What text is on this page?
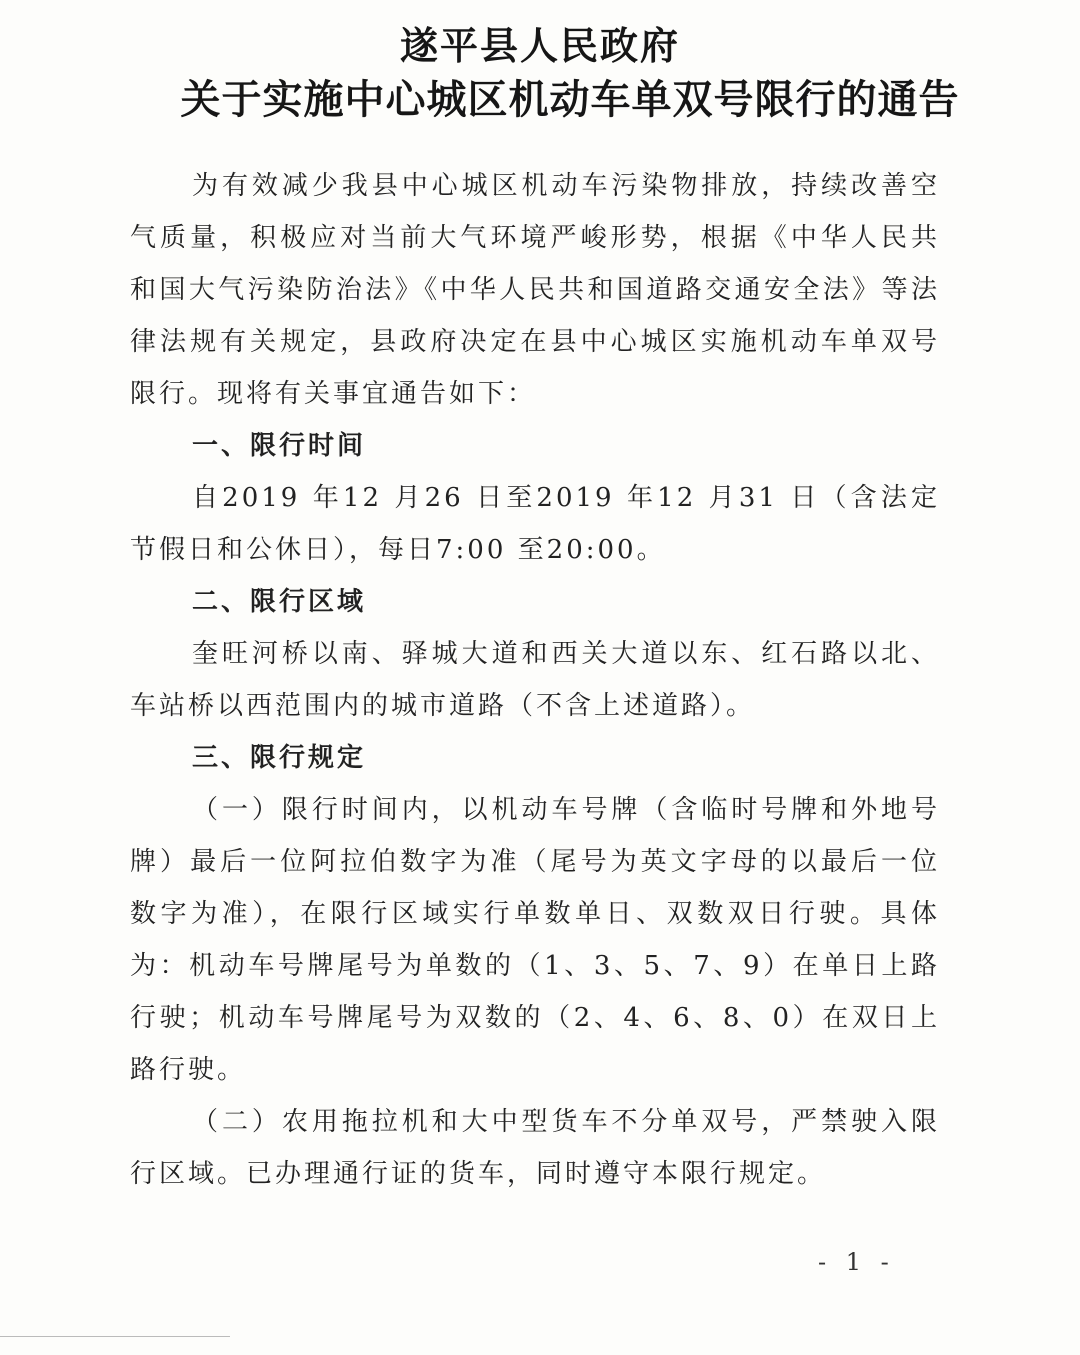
遂平县人民政府
关于实施中心城区机动车单双号限行的通告

为有效减少我县中心城区机动车污染物排放，持续改善空气质量，积极应对当前大气环境严峻形势，根据《中华人民共和国大气污染防治法》《中华人民共和国道路交通安全法》等法律法规有关规定，县政府决定在县中心城区实施机动车单双号限行。现将有关事宜通告如下：

一、限行时间

自2019 年12 月26 日至2019 年12 月31 日（含法定节假日和公休日），每日7:00 至20:00。

二、限行区域

奎旺河桥以南、驿城大道和西关大道以东、红石路以北、车站桥以西范围内的城市道路（不含上述道路）。

三、限行规定

（一）限行时间内，以机动车号牌（含临时号牌和外地号牌）最后一位阿拉伯数字为准（尾号为英文字母的以最后一位数字为准），在限行区域实行单数单日、双数双日行驶。具体为：机动车号牌尾号为单数的（1、3、5、7、9）在单日上路行驶；机动车号牌尾号为双数的（2、4、6、8、0）在双日上路行驶。

（二）农用拖拉机和大中型货车不分单双号，严禁驶入限行区域。已办理通行证的货车，同时遵守本限行规定。

- 1 -
